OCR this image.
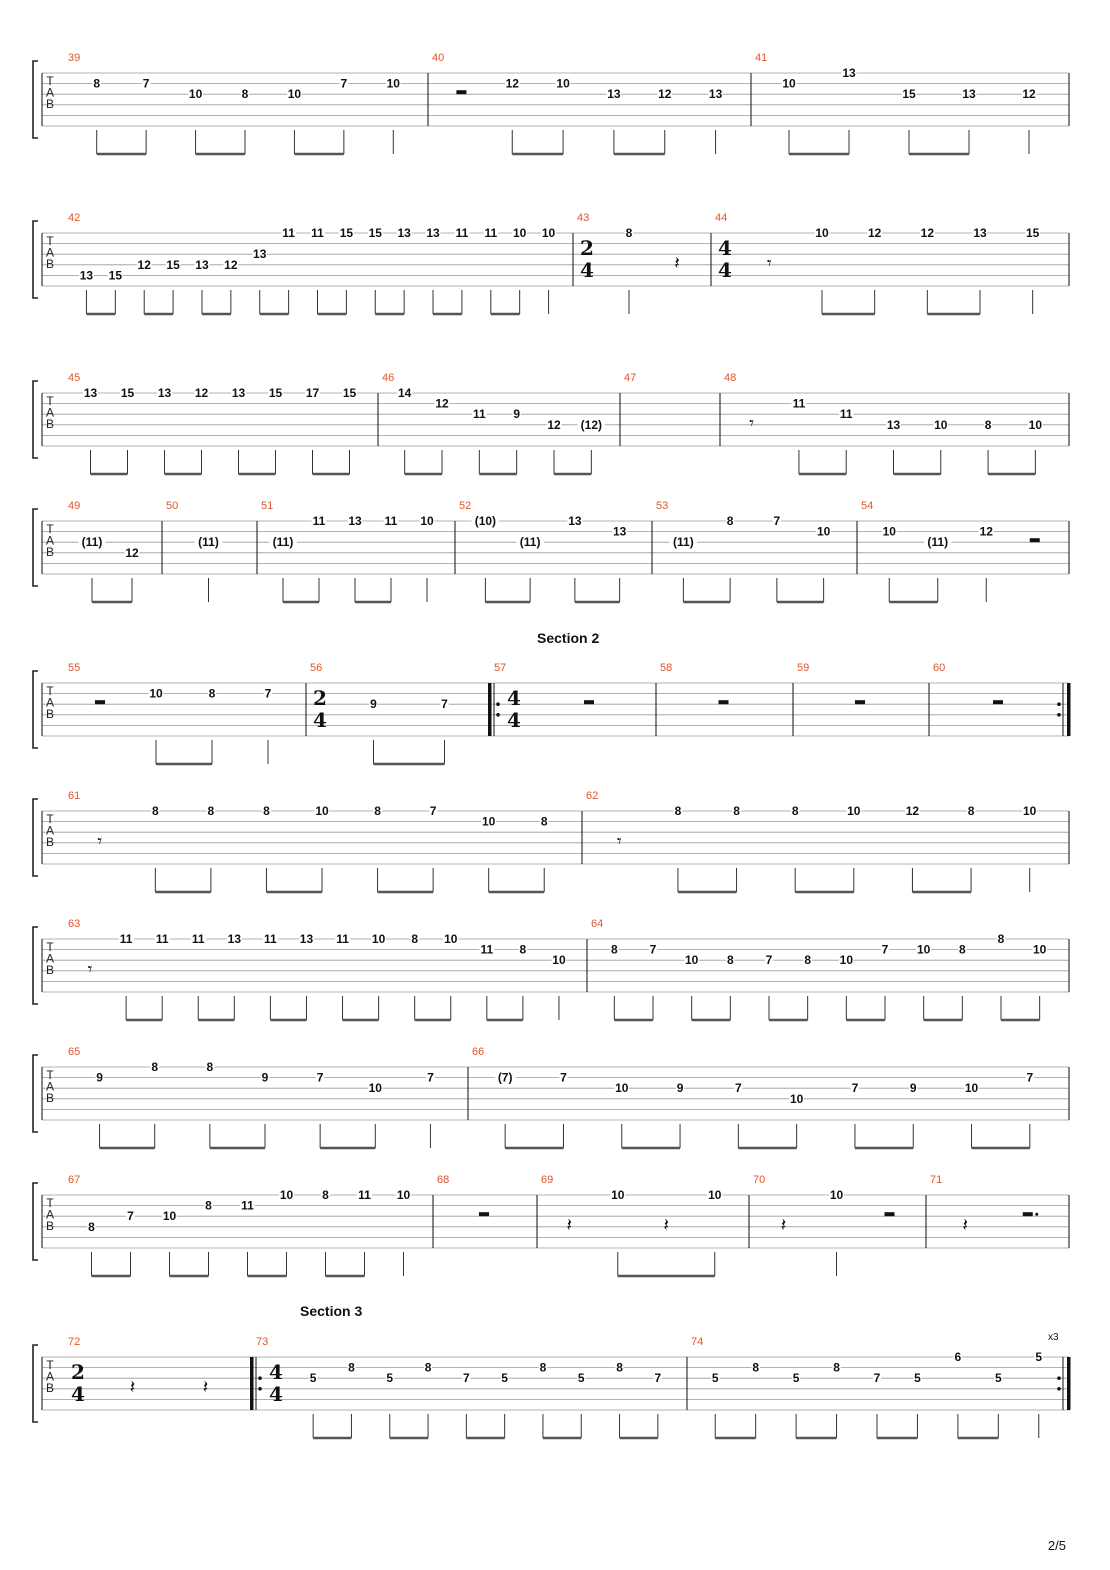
T
A
B
39
8	7
10	8	10
7	10
40
12	10
13	12	13
41
10
13
15	13	12
T
A
B
42
13 15
12 15 13 12
13
11 11 15 15 13 13 11 11 10 10
43
2
4
8
𝄽
44
4
4 𝄾
10	12	12	13	15
T
A
B
45
13 15 13 12 13 15 17 15
46
14
12
11 9
12 (12)
47	48
𝄾
11
11
13	10	8	10
T
A
B
49
(11)
12
50
(11)
51
(11)
11 13 11 10
52
(10)
(11)
13
13
53
(11)
8	7
10
54
10
(11)
12
T
A
B
55
10	8	7
56
2
4
9	7
57
4
4
58	59	60
T
A
B
61
𝄾
8	8	8	10	8	7
10	8
62
𝄾
8	8	8	10	12	8	10
T
A
B
63
𝄾
11 11 11 13 11 13 11 10 8 10
11 8
10
64
8	7
10 8	7	8 10
7 10 8
8
10
T
A
B
65
9
8	8
9	7
10
7
66
(7)	7
10	9	7
10
7	9	10
7
T
A
B
67
8
7 10
8 11
10 8 11 10
68	69
𝄽
10
𝄽
10
70
𝄽
10
71
𝄽
T
A
B
72
2
4 𝄽	𝄽
73
4
4
5
8
5
8
7	5
8
5
8
7
74
5
8
5
8
7	5
6
5
5
Section 2
Section 3
x3
2/5
